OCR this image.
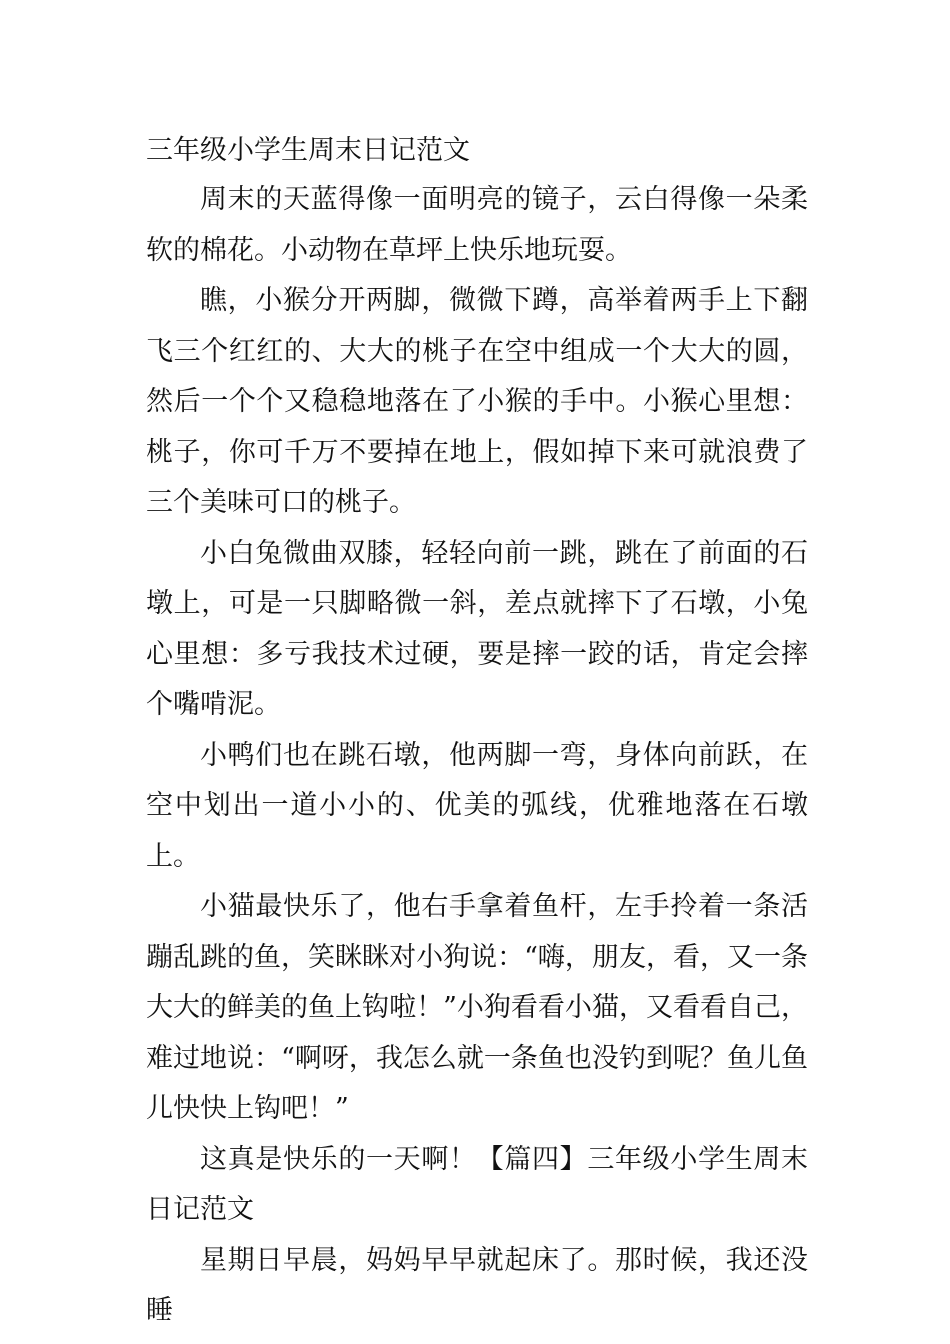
三年级小学生周末日记范文

周末的天蓝得像一面明亮的镜子，云白得像一朵柔软的棉花。小动物在草坪上快乐地玩耍。

瞧，小猴分开两脚，微微下蹲，高举着两手上下翻飞三个红红的、大大的桃子在空中组成一个大大的圆，然后一个个又稳稳地落在了小猴的手中。小猴心里想：桃子，你可千万不要掉在地上，假如掉下来可就浪费了三个美味可口的桃子。

小白兔微曲双膝，轻轻向前一跳，跳在了前面的石墩上，可是一只脚略微一斜，差点就摔下了石墩，小兔心里想：多亏我技术过硬，要是摔一跤的话，肯定会摔个嘴啃泥。

小鸭们也在跳石墩，他两脚一弯，身体向前跃，在空中划出一道小小的、优美的弧线，优雅地落在石墩上。

小猫最快乐了，他右手拿着鱼杆，左手拎着一条活蹦乱跳的鱼，笑眯眯对小狗说：“嗨，朋友，看，又一条大大的鲜美的鱼上钩啦！”小狗看看小猫，又看看自己，难过地说：“啊呀，我怎么就一条鱼也没钓到呢？鱼儿鱼儿快快上钩吧！”

这真是快乐的一天啊！【篇四】三年级小学生周末日记范文

星期日早晨，妈妈早早就起床了。那时候，我还没睡
